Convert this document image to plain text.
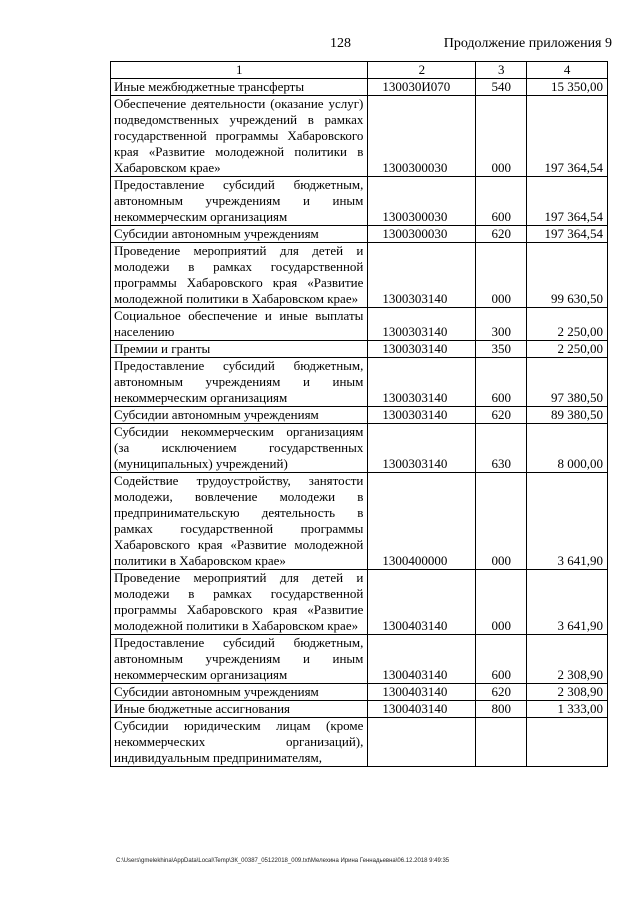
128	Продолжение приложения 9
1	2	3	4
Иные межбюджетные трансферты	130030И070	540	15 350,00
Обеспечение деятельности (оказание услуг) подведомственных учреждений в рамках государственной программы Хабаровского края «Развитие молодежной политики в Хабаровском крае»	1300300030	000	197 364,54
Предоставление субсидий бюджетным, автономным учреждениям и иным некоммерческим организациям	1300300030	600	197 364,54
Субсидии автономным учреждениям	1300300030	620	197 364,54
Проведение мероприятий для детей и молодежи в рамках государственной программы Хабаровского края «Развитие молодежной политики в Хабаровском крае»	1300303140	000	99 630,50
Социальное обеспечение и иные выплаты населению	1300303140	300	2 250,00
Премии и гранты	1300303140	350	2 250,00
Предоставление субсидий бюджетным, автономным учреждениям и иным некоммерческим организациям	1300303140	600	97 380,50
Субсидии автономным учреждениям	1300303140	620	89 380,50
Субсидии некоммерческим организациям (за исключением государственных (муниципальных) учреждений)	1300303140	630	8 000,00
Содействие трудоустройству, занятости молодежи, вовлечение молодежи в предпринимательскую деятельность в рамках государственной программы Хабаровского края «Развитие молодежной политики в Хабаровском крае»	1300400000	000	3 641,90
Проведение мероприятий для детей и молодежи в рамках государственной программы Хабаровского края «Развитие молодежной политики в Хабаровском крае»	1300403140	000	3 641,90
Предоставление субсидий бюджетным, автономным учреждениям и иным некоммерческим организациям	1300403140	600	2 308,90
Субсидии автономным учреждениям	1300403140	620	2 308,90
Иные бюджетные ассигнования	1300403140	800	1 333,00
Субсидии юридическим лицам (кроме некоммерческих организаций), индивидуальным предпринимателям,			
C:\Users\gmelekhina\AppData\Local\Temp\ЗК_00387_05122018_009.txt\Мелехина Ирина Геннадьевна\06.12.2018 9:49:35
